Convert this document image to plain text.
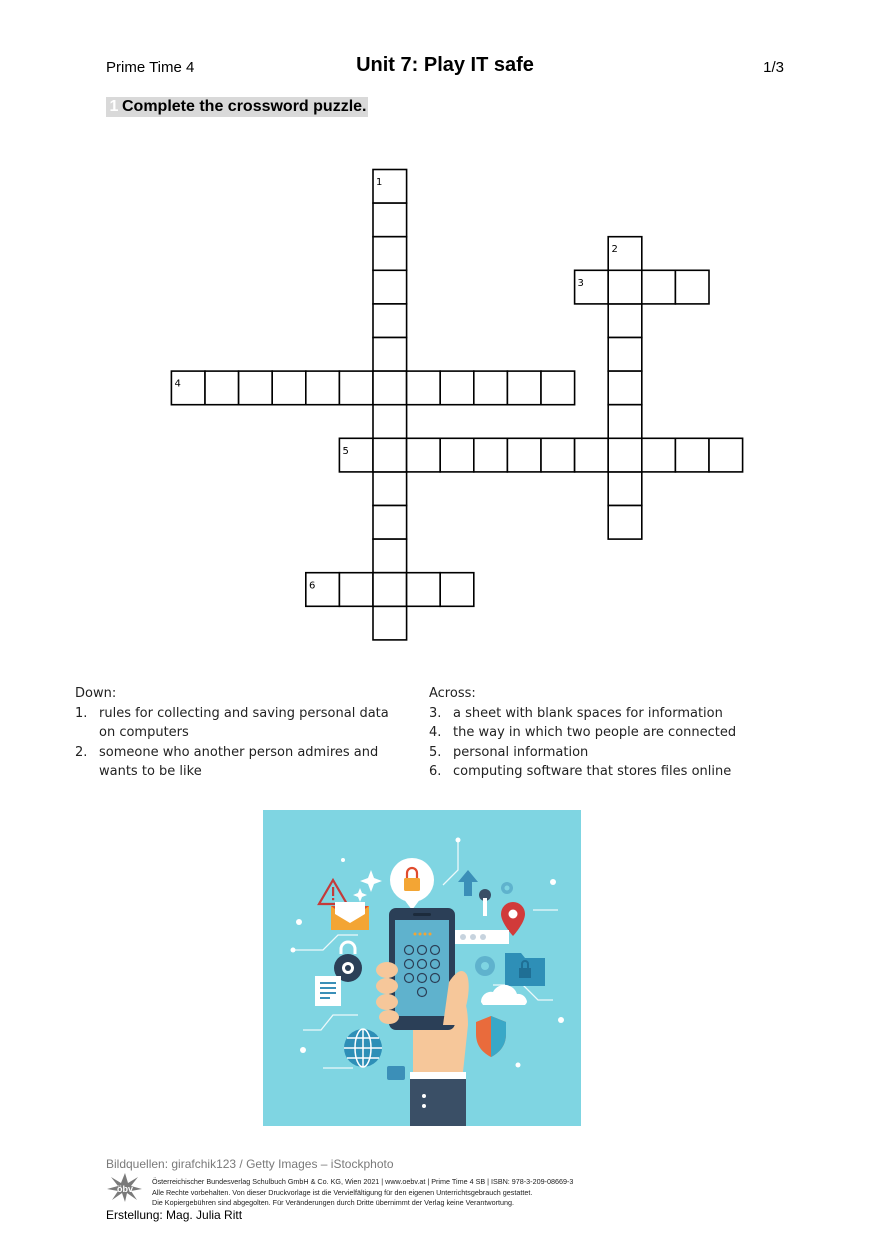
Prime Time 4	Unit 7: Play IT safe	1/3
1 Complete the crossword puzzle.
1
2
3
4
5
6
Down:
1. rules for collecting and saving personal data on computers
2. someone who another person admires and wants to be like
Across:
3. a sheet with blank spaces for information
4. the way in which two people are connected
5. personal information
6. computing software that stores files online
Bildquellen: girafchik123 / Getty Images – iStockphoto
öbv
Österreichischer Bundesverlag Schulbuch GmbH & Co. KG, Wien 2021 | www.oebv.at | Prime Time 4 SB | ISBN: 978-3-209-08669-3
Alle Rechte vorbehalten. Von dieser Druckvorlage ist die Vervielfältigung für den eigenen Unterrichtsgebrauch gestattet.
Die Kopiergebühren sind abgegolten. Für Veränderungen durch Dritte übernimmt der Verlag keine Verantwortung.
Erstellung: Mag. Julia Ritt
